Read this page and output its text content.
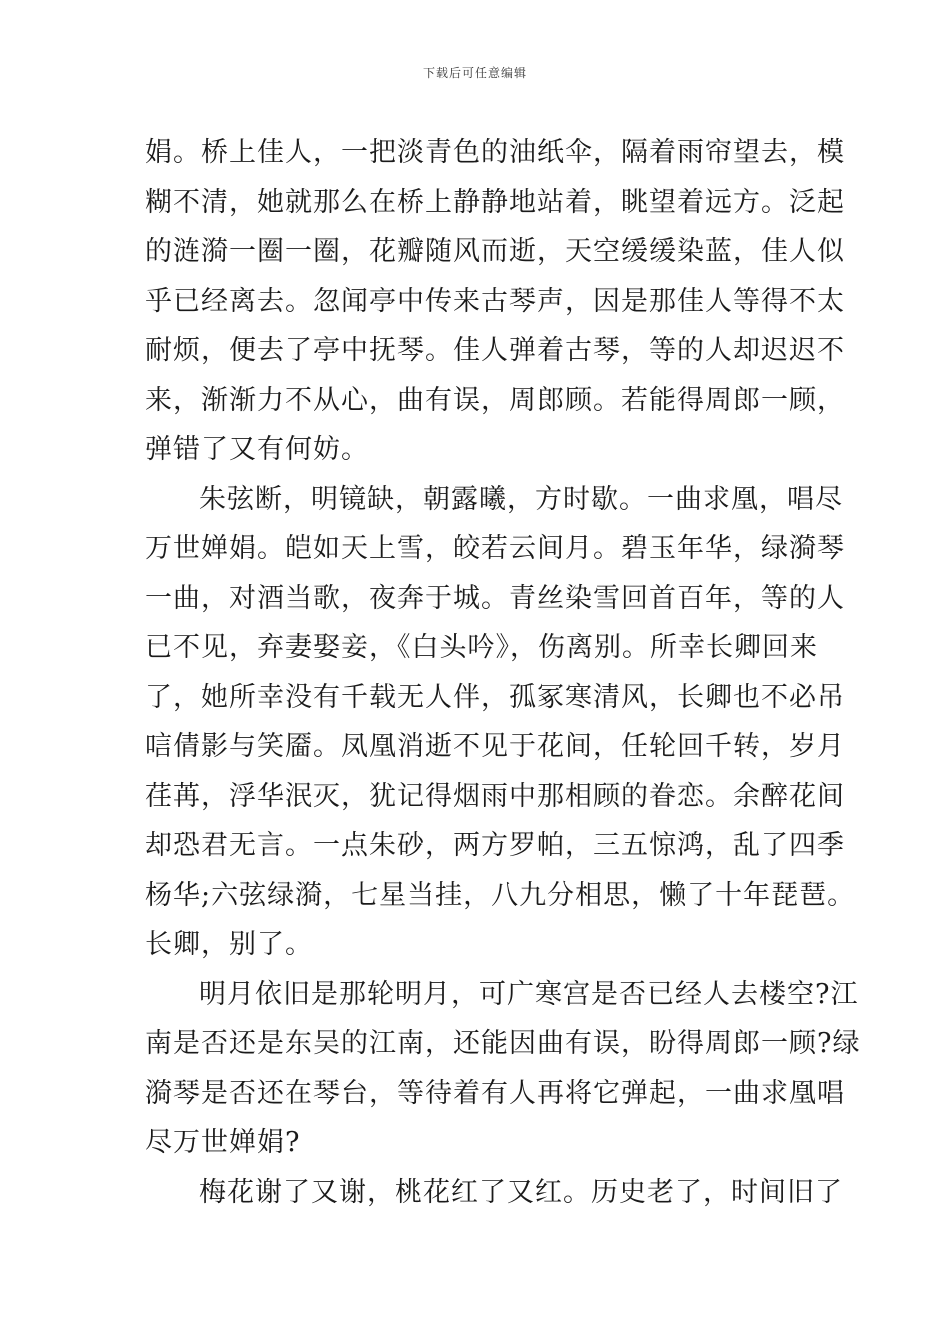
下载后可任意编辑
娟。桥上佳人，一把淡青色的油纸伞，隔着雨帘望去，模
糊不清，她就那么在桥上静静地站着，眺望着远方。泛起
的涟漪一圈一圈，花瓣随风而逝，天空缓缓染蓝，佳人似
乎已经离去。忽闻亭中传来古琴声，因是那佳人等得不太
耐烦，便去了亭中抚琴。佳人弹着古琴，等的人却迟迟不
来，渐渐力不从心，曲有误，周郎顾。若能得周郎一顾，
弹错了又有何妨。
朱弦断，明镜缺，朝露曦，方时歇。一曲求凰，唱尽
万世婵娟。皑如天上雪，皎若云间月。碧玉年华，绿漪琴
一曲，对酒当歌，夜奔于城。青丝染雪回首百年，等的人
已不见，弃妻娶妾，《白头吟》，伤离别。所幸长卿回来
了，她所幸没有千载无人伴，孤冢寒清风，长卿也不必吊
唁倩影与笑靥。凤凰消逝不见于花间，任轮回千转，岁月
荏苒，浮华泯灭，犹记得烟雨中那相顾的眷恋。余醉花间
却恐君无言。一点朱砂，两方罗帕，三五惊鸿，乱了四季
杨华;六弦绿漪，七星当挂，八九分相思，懒了十年琵琶。
长卿，别了。
明月依旧是那轮明月，可广寒宫是否已经人去楼空?江
南是否还是东吴的江南，还能因曲有误，盼得周郎一顾?绿
漪琴是否还在琴台，等待着有人再将它弹起，一曲求凰唱
尽万世婵娟?
梅花谢了又谢，桃花红了又红。历史老了，时间旧了
